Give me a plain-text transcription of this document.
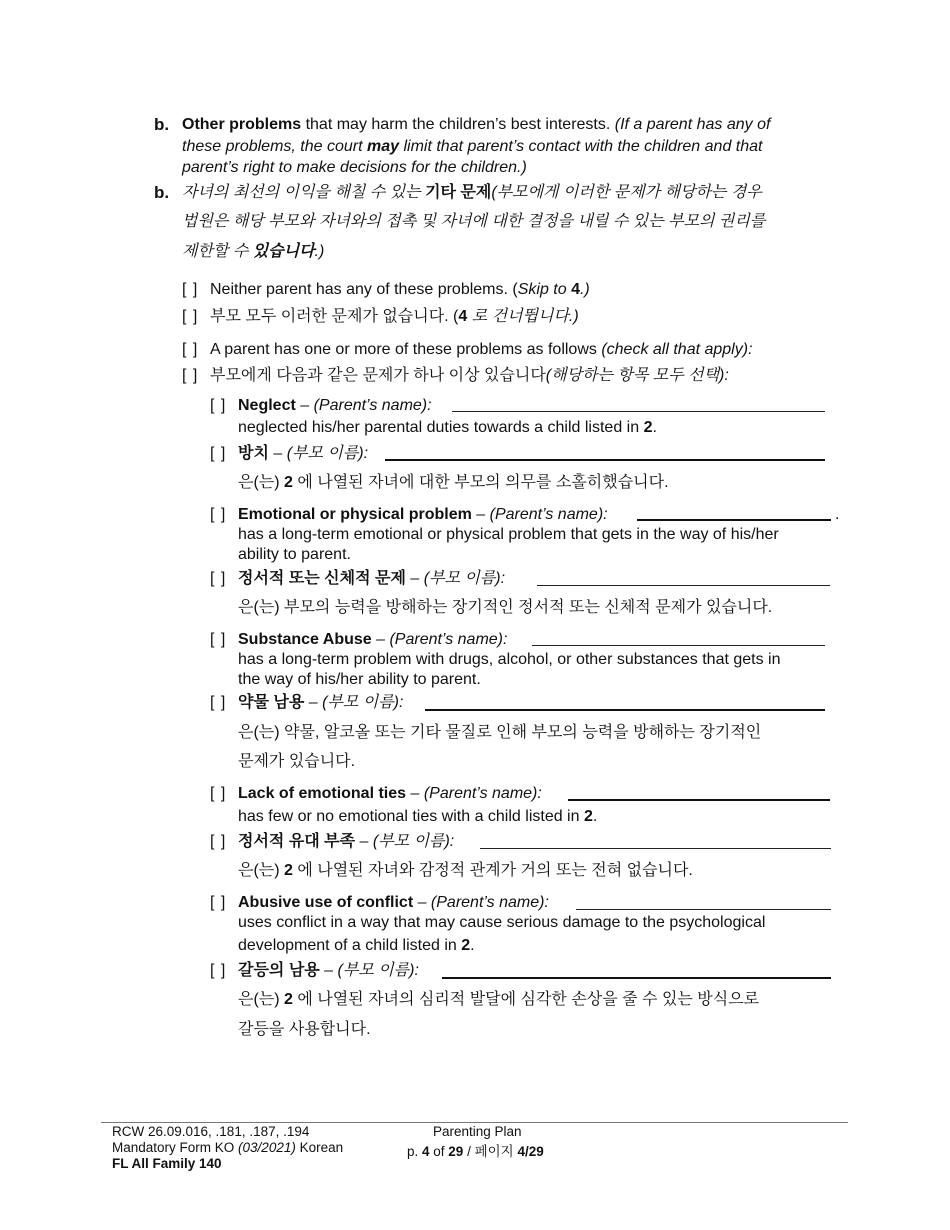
b. Other problems that may harm the children’s best interests. (If a parent has any of
these problems, the court may limit that parent’s contact with the children and that
parent’s right to make decisions for the children.)
b. 자녀의 최선의 이익을 해칠 수 있는 기타 문제(부모에게 이러한 문제가 해당하는 경우
법원은 해당 부모와 자녀와의 접촉 및 자녀에 대한 결정을 내릴 수 있는 부모의 권리를
제한할 수 있습니다.)
[ ] Neither parent has any of these problems. (Skip to 4.)
[ ] 부모 모두 이러한 문제가 없습니다. (4 로 건너뜁니다.)
[ ] A parent has one or more of these problems as follows (check all that apply):
[ ] 부모에게 다음과 같은 문제가 하나 이상 있습니다(해당하는 항목 모두 선택):
[ ] Neglect – (Parent’s name):
neglected his/her parental duties towards a child listed in 2.
[ ] 방치 – (부모 이름):
은(는) 2 에 나열된 자녀에 대한 부모의 의무를 소홀히했습니다.
[ ] Emotional or physical problem – (Parent’s name):	.
has a long-term emotional or physical problem that gets in the way of his/her
ability to parent.
[ ] 정서적 또는 신체적 문제 – (부모 이름):
은(는) 부모의 능력을 방해하는 장기적인 정서적 또는 신체적 문제가 있습니다.
[ ] Substance Abuse – (Parent’s name):
has a long-term problem with drugs, alcohol, or other substances that gets in
the way of his/her ability to parent.
[ ] 약물 남용 – (부모 이름):
은(는) 약물, 알코올 또는 기타 물질로 인해 부모의 능력을 방해하는 장기적인
문제가 있습니다.
[ ] Lack of emotional ties – (Parent’s name):
has few or no emotional ties with a child listed in 2.
[ ] 정서적 유대 부족 – (부모 이름):
은(는) 2 에 나열된 자녀와 감정적 관계가 거의 또는 전혀 없습니다.
[ ] Abusive use of conflict – (Parent’s name):
uses conflict in a way that may cause serious damage to the psychological
development of a child listed in 2.
[ ] 갈등의 남용 – (부모 이름):
은(는) 2 에 나열된 자녀의 심리적 발달에 심각한 손상을 줄 수 있는 방식으로
갈등을 사용합니다.
RCW 26.09.016, .181, .187, .194
Mandatory Form KO (03/2021) Korean
FL All Family 140
Parenting Plan
p. 4 of 29 / 페이지 4/29
